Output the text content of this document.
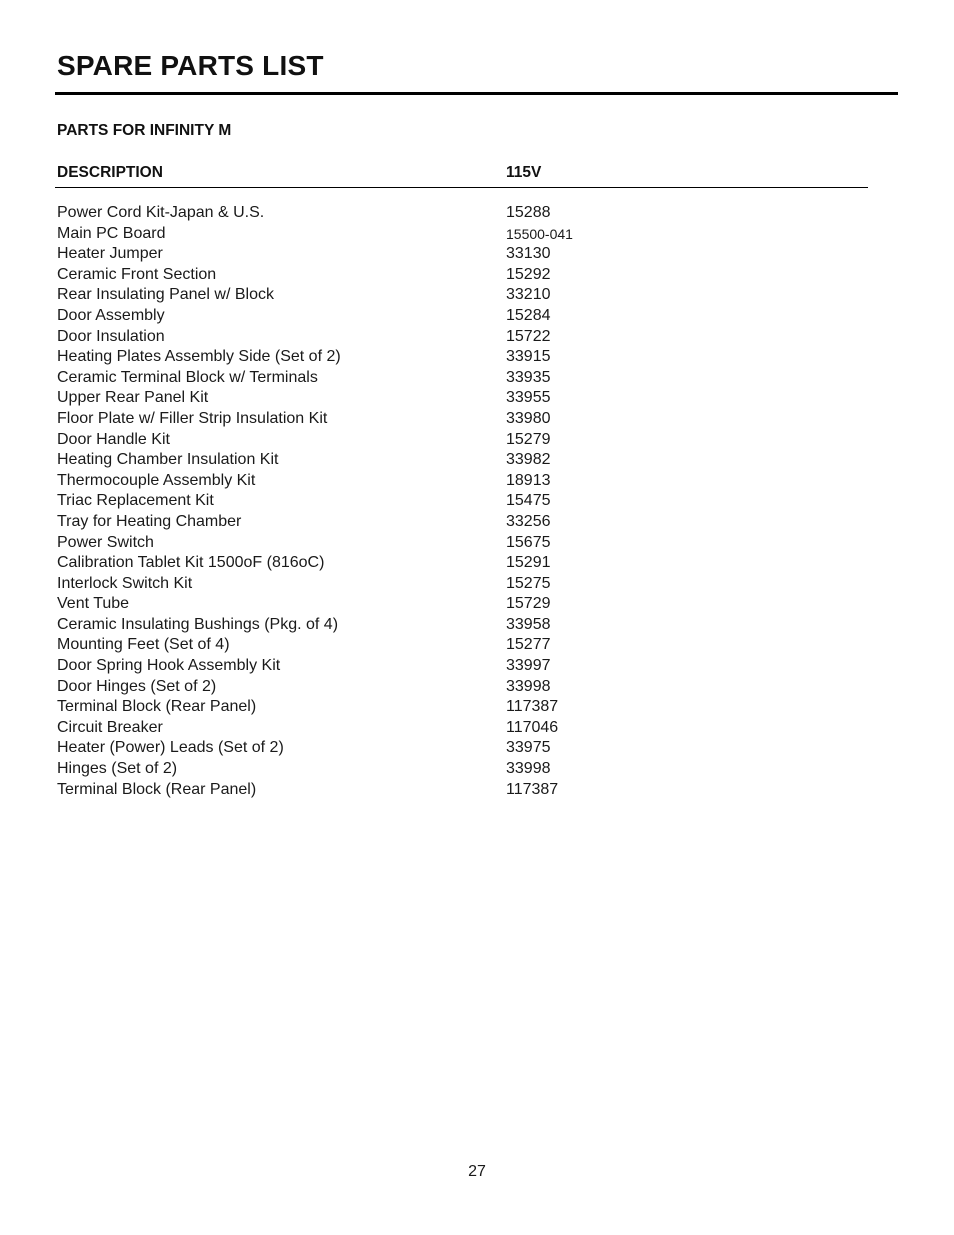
SPARE PARTS LIST
PARTS FOR INFINITY M
DESCRIPTION	115V
Power Cord Kit-Japan & U.S.	15288
Main PC Board	15500-041
Heater Jumper	33130
Ceramic Front Section	15292
Rear Insulating Panel w/ Block	33210
Door Assembly	15284
Door Insulation	15722
Heating Plates Assembly Side (Set of 2)	33915
Ceramic Terminal Block w/ Terminals	33935
Upper Rear Panel Kit	33955
Floor Plate w/ Filler Strip Insulation Kit	33980
Door Handle Kit	15279
Heating Chamber Insulation Kit	33982
Thermocouple Assembly Kit	18913
Triac Replacement Kit	15475
Tray for Heating Chamber	33256
Power Switch	15675
Calibration Tablet Kit 1500oF (816oC)	15291
Interlock Switch Kit	15275
Vent Tube	15729
Ceramic Insulating Bushings (Pkg. of 4)	33958
Mounting Feet (Set of 4)	15277
Door Spring Hook Assembly Kit	33997
Door Hinges (Set of 2)	33998
Terminal Block (Rear Panel)	117387
Circuit Breaker	117046
Heater (Power) Leads (Set of 2)	33975
Hinges (Set of 2)	33998
Terminal Block (Rear Panel)	117387
27
